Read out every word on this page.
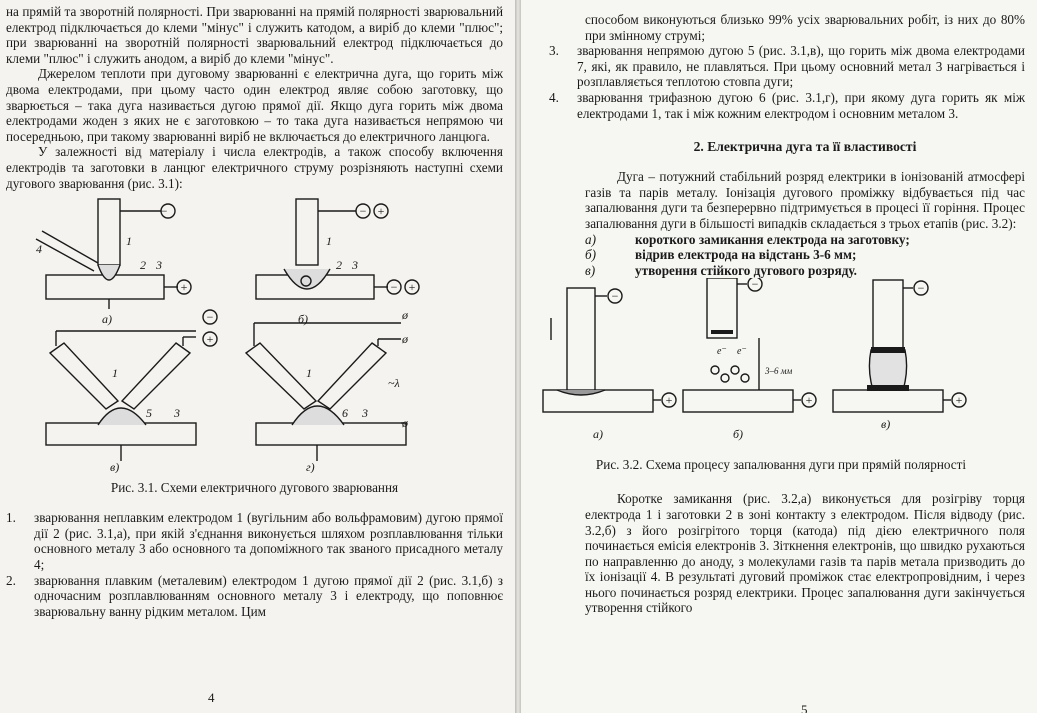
на прямій та зворотній полярності. При зварюванні на прямій полярності зварювальний електрод підключається до клеми "мінус" і служить катодом, а виріб до клеми "плюс"; при зварюванні на зворотній полярності зварювальний електрод підключається до клеми "плюс" і служить анодом, а виріб до клеми "мінус".

Джерелом теплоти при дуговому зварюванні є електрична дуга, що горить між двома електродами, при цьому часто один електрод являє собою заготовку, що зварюється – така дуга називається дугою прямої дії. Якщо дуга горить між двома електродами жоден з яких не є заготовкою – то така дуга називається непрямою чи посередньою, при такому зварюванні виріб не включається до електричного ланцюга.

У залежності від матеріалу і числа електродів, а також способу включення електродів та заготовки в ланцюг електричного струму розрізняють наступні схеми дугового зварювання (рис. 3.1):

−
+
1
2 3
4
а)
− +
− +
1
2 3
б)
−
+
1
5 3
в)
ø
ø
ø
~λ
1
6 3
г)
Рис. 3.1. Схеми електричного дугового зварювання
1. зварювання неплавким електродом 1 (вугільним або вольфрамовим) дугою прямої дії 2 (рис. 3.1,а), при якій з'єднання виконується шляхом розплавлювання тільки основного металу 3 або основного та допоміжного так званого присадного металу 4;
2. зварювання плавким (металевим) електродом 1 дугою прямої дії 2 (рис. 3.1,б) з одночасним розплавлюванням основного металу 3 і електроду, що поповнює зварювальну ванну рідким металом. Цим
4

способом виконуються близько 99% усіх зварювальних робіт, із них до 80% при змінному струмі;

3. зварювання непрямою дугою 5 (рис. 3.1,в), що горить між двома електродами 7, які, як правило, не плавляться. При цьому основний метал 3 нагрівається і розплавляється теплотою стовпа дуги;
4. зварювання трифазною дугою 6 (рис. 3.1,г), при якому дуга горить як між електродами 1, так і між кожним електродом і основним металом 3.
2. Електрична дуга та її властивості

Дуга – потужний стабільний розряд електрики в іонізованій атмосфері газів та парів металу. Іонізація дугового проміжку відбувається під час запалювання дуги та безперервно підтримується в процесі її горіння. Процес запалювання дуги в більшості випадків складається з трьох етапів (рис. 3.2):

а)	короткого замикання електрода на заготовку;
б)	відрив електрода на відстань 3-6 мм;
в)	утворення стійкого дугового розряду.
−
+
а)
−
+
e⁻ e⁻
3–6 мм
б)
−
+
в)
Рис. 3.2. Схема процесу запалювання дуги при прямій полярності

Коротке замикання (рис. 3.2,а) виконується для розігріву торця електрода 1 і заготовки 2 в зоні контакту з електродом. Після відводу (рис. 3.2,б) з його розігрітого торця (катода) під дією електричного поля починається емісія електронів 3. Зіткнення електронів, що швидко рухаються по направленню до аноду, з молекулами газів та парів метала призводить до їх іонізації 4. В результаті дуговий проміжок стає електропровідним, і через нього починається розряд електрики. Процес запалювання дуги закінчується утворення стійкого

5
